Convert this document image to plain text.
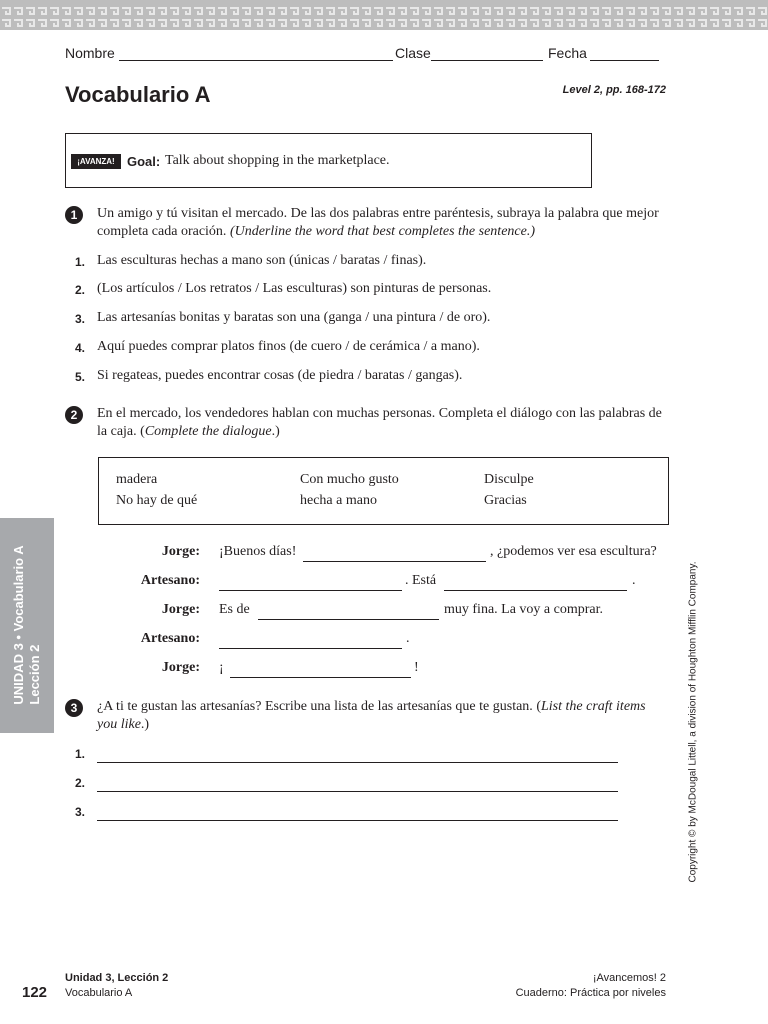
Nombre	Clase	Fecha
Vocabulario A	Level 2, pp. 168-172
¡AVANZA! Goal: Talk about shopping in the marketplace.
1	Un amigo y tú visitan el mercado. De las dos palabras entre paréntesis, subraya la palabra que mejor completa cada oración. (Underline the word that best completes the sentence.)
1. Las esculturas hechas a mano son (únicas / baratas / finas).
2. (Los artículos / Los retratos / Las esculturas) son pinturas de personas.
3. Las artesanías bonitas y baratas son una (ganga / una pintura / de oro).
4. Aquí puedes comprar platos finos (de cuero / de cerámica / a mano).
5. Si regateas, puedes encontrar cosas (de piedra / baratas / gangas).
2	En el mercado, los vendedores hablan con muchas personas. Completa el diálogo con las palabras de la caja. (Complete the dialogue.)
madera	Con mucho gusto	Disculpe
No hay de qué	hecha a mano	Gracias
Jorge: ¡Buenos días!	, ¿podemos ver esa escultura?
Artesano:	. Está	.
Jorge: Es de	muy fina. La voy a comprar.
Artesano:	.
Jorge: ¡	!
3	¿A ti te gustan las artesanías? Escribe una lista de las artesanías que te gustan. (List the craft items you like.)
1.
2.
3.
UNIDAD 3 • Vocabulario A
Lección 2	Copyright © by McDougal Littell, a division of Houghton Mifflin Company.
122
Unidad 3, Lección 2
Vocabulario A
¡Avancemos! 2
Cuaderno: Práctica por niveles
